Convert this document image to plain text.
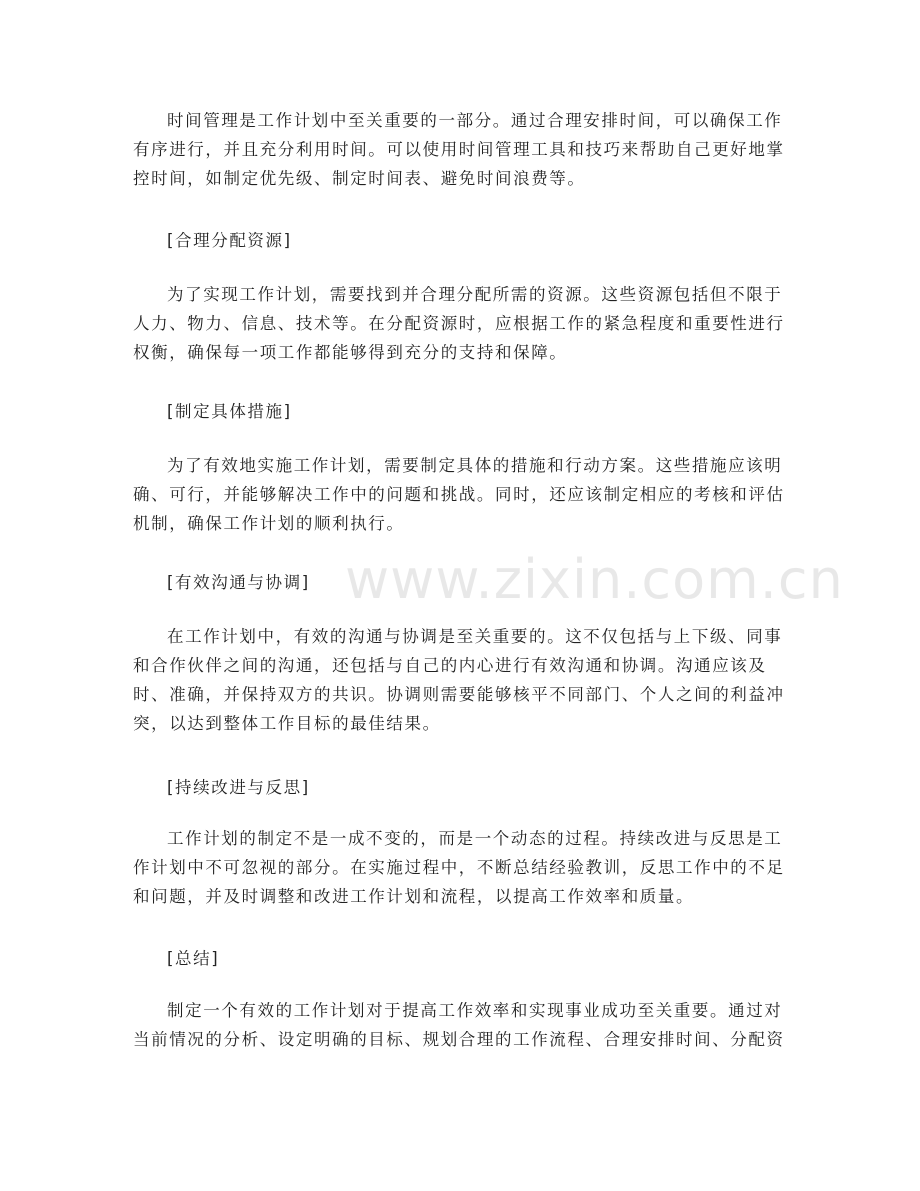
时间管理是工作计划中至关重要的一部分。通过合理安排时间，可以确保工作有序进行，并且充分利用时间。可以使用时间管理工具和技巧来帮助自己更好地掌控时间，如制定优先级、制定时间表、避免时间浪费等。

[合理分配资源]

为了实现工作计划，需要找到并合理分配所需的资源。这些资源包括但不限于人力、物力、信息、技术等。在分配资源时，应根据工作的紧急程度和重要性进行权衡，确保每一项工作都能够得到充分的支持和保障。

[制定具体措施]

为了有效地实施工作计划，需要制定具体的措施和行动方案。这些措施应该明确、可行，并能够解决工作中的问题和挑战。同时，还应该制定相应的考核和评估机制，确保工作计划的顺利执行。

[有效沟通与协调]

在工作计划中，有效的沟通与协调是至关重要的。这不仅包括与上下级、同事和合作伙伴之间的沟通，还包括与自己的内心进行有效沟通和协调。沟通应该及时、准确，并保持双方的共识。协调则需要能够核平不同部门、个人之间的利益冲突，以达到整体工作目标的最佳结果。

[持续改进与反思]

工作计划的制定不是一成不变的，而是一个动态的过程。持续改进与反思是工作计划中不可忽视的部分。在实施过程中，不断总结经验教训，反思工作中的不足和问题，并及时调整和改进工作计划和流程，以提高工作效率和质量。

[总结]

制定一个有效的工作计划对于提高工作效率和实现事业成功至关重要。通过对当前情况的分析、设定明确的目标、规划合理的工作流程、合理安排时间、分配资

www.zixin.com.cn
